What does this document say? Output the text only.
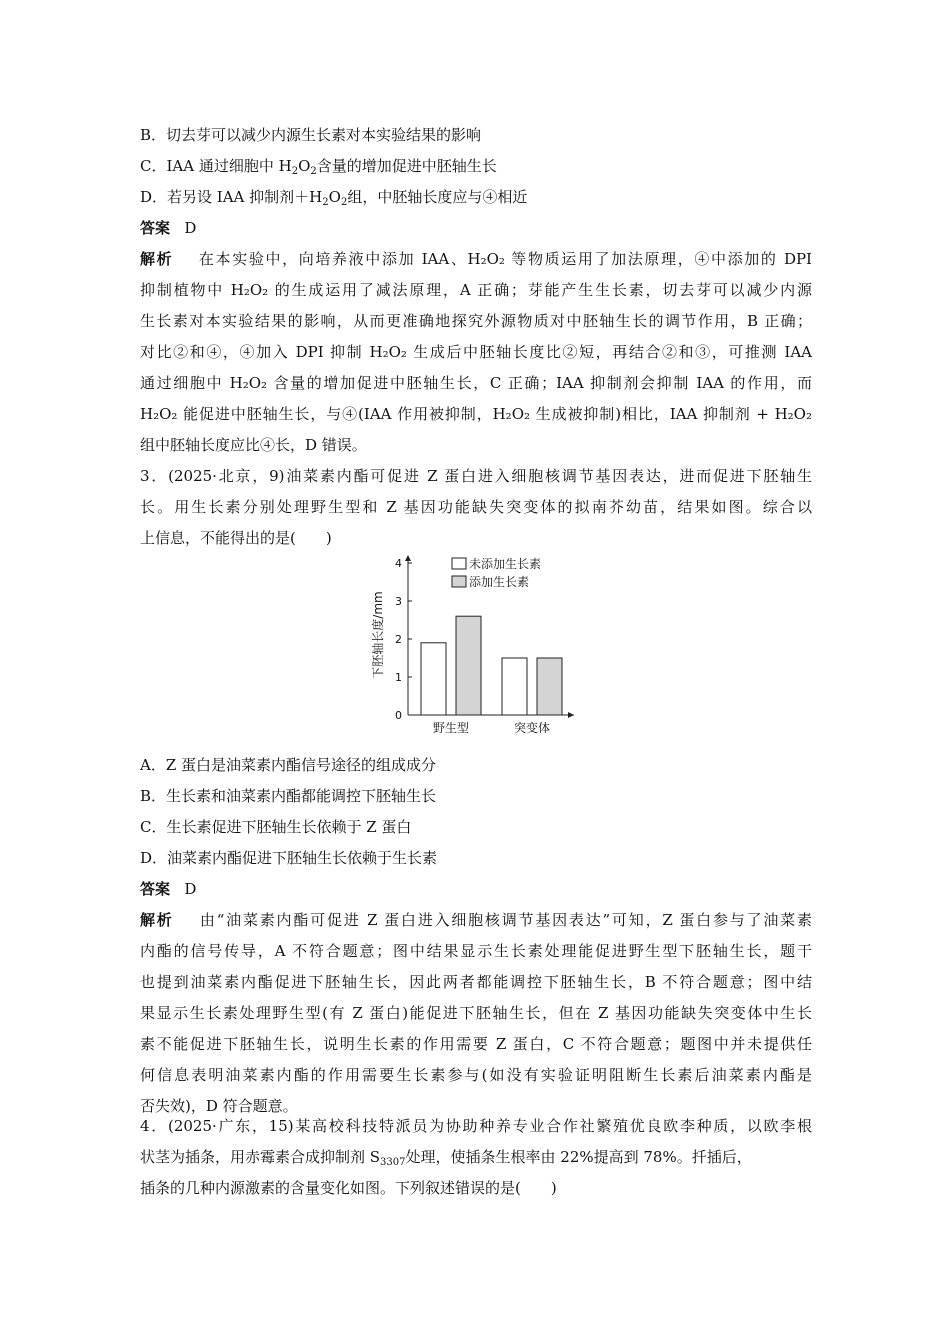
B．切去芽可以减少内源生长素对本实验结果的影响
C．IAA 通过细胞中 $H_2O_2$含量的增加促进中胚轴生长
D．若另设 IAA 抑制剂$+H_2O_2$组，中胚轴长度应与④相近
答案 D
解析 在本实验中，向培养液中添加 IAA、H₂O₂ 等物质运用了加法原理，④中添加的 DPI
抑制植物中 H₂O₂ 的生成运用了减法原理，A 正确；芽能产生生长素，切去芽可以减少内源
生长素对本实验结果的影响，从而更准确地探究外源物质对中胚轴生长的调节作用，B 正确；
对比②和④，④加入 DPI 抑制 H₂O₂ 生成后中胚轴长度比②短，再结合②和③，可推测 IAA
通过细胞中 H₂O₂ 含量的增加促进中胚轴生长，C 正确；IAA 抑制剂会抑制 IAA 的作用，而
H₂O₂ 能促进中胚轴生长，与④(IAA 作用被抑制，H₂O₂ 生成被抑制)相比，IAA 抑制剂 + H₂O₂
组中胚轴长度应比④长，D 错误。
3．(2025·北京，9)油菜素内酯可促进 Z 蛋白进入细胞核调节基因表达，进而促进下胚轴生
长。用生长素分别处理野生型和 Z 基因功能缺失突变体的拟南芥幼苗，结果如图。综合以
上信息，不能得出的是(　　)
A．Z 蛋白是油菜素内酯信号途径的组成成分
B．生长素和油菜素内酯都能调控下胚轴生长
C．生长素促进下胚轴生长依赖于 Z 蛋白
D．油菜素内酯促进下胚轴生长依赖于生长素
答案 D
解析 由“油菜素内酯可促进 Z 蛋白进入细胞核调节基因表达”可知，Z 蛋白参与了油菜素
内酯的信号传导，A 不符合题意；图中结果显示生长素处理能促进野生型下胚轴生长，题干
也提到油菜素内酯促进下胚轴生长，因此两者都能调控下胚轴生长，B 不符合题意；图中结
果显示生长素处理野生型(有 Z 蛋白)能促进下胚轴生长，但在 Z 基因功能缺失突变体中生长
素不能促进下胚轴生长，说明生长素的作用需要 Z 蛋白，C 不符合题意；题图中并未提供任
何信息表明油菜素内酯的作用需要生长素参与(如没有实验证明阻断生长素后油菜素内酯是
否失效)，D 符合题意。
4．(2025·广东，15)某高校科技特派员为协助种养专业合作社繁殖优良欧李种质，以欧李根
状茎为插条，用赤霉素合成抑制剂 $S_{3307}$处理，使插条生根率由 22%提高到 78%。扦插后，
插条的几种内源激素的含量变化如图。下列叙述错误的是(　　)
0
1
2
3
4
下胚轴长度/mm
野生型	突变体
未添加生长素
添加生长素
